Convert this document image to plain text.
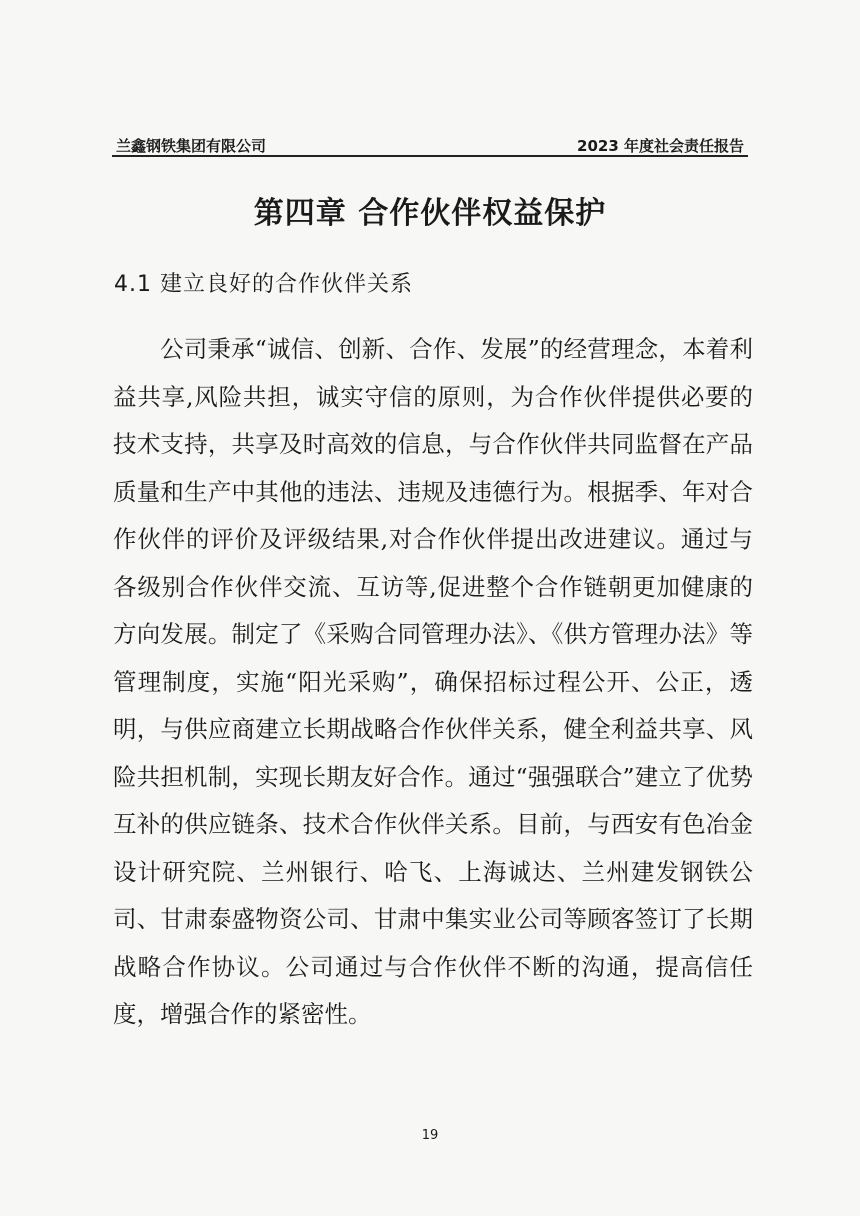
兰鑫钢铁集团有限公司	2023 年度社会责任报告
第四章 合作伙伴权益保护
4.1 建立良好的合作伙伴关系

公司秉承“诚信、创新、合作、发展”的经营理念，本着利益共享,风险共担，诚实守信的原则，为合作伙伴提供必要的技术支持，共享及时高效的信息，与合作伙伴共同监督在产品质量和生产中其他的违法、违规及违德行为。根据季、年对合作伙伴的评价及评级结果,对合作伙伴提出改进建议。通过与各级别合作伙伴交流、互访等,促进整个合作链朝更加健康的方向发展。制定了《采购合同管理办法》、《供方管理办法》等管理制度，实施“阳光采购”，确保招标过程公开、公正，透明，与供应商建立长期战略合作伙伴关系，健全利益共享、风险共担机制，实现长期友好合作。通过“强强联合”建立了优势互补的供应链条、技术合作伙伴关系。目前，与西安有色冶金设计研究院、兰州银行、哈飞、上海诚达、兰州建发钢铁公司、甘肃泰盛物资公司、甘肃中集实业公司等顾客签订了长期战略合作协议。公司通过与合作伙伴不断的沟通，提高信任度，增强合作的紧密性。

19
